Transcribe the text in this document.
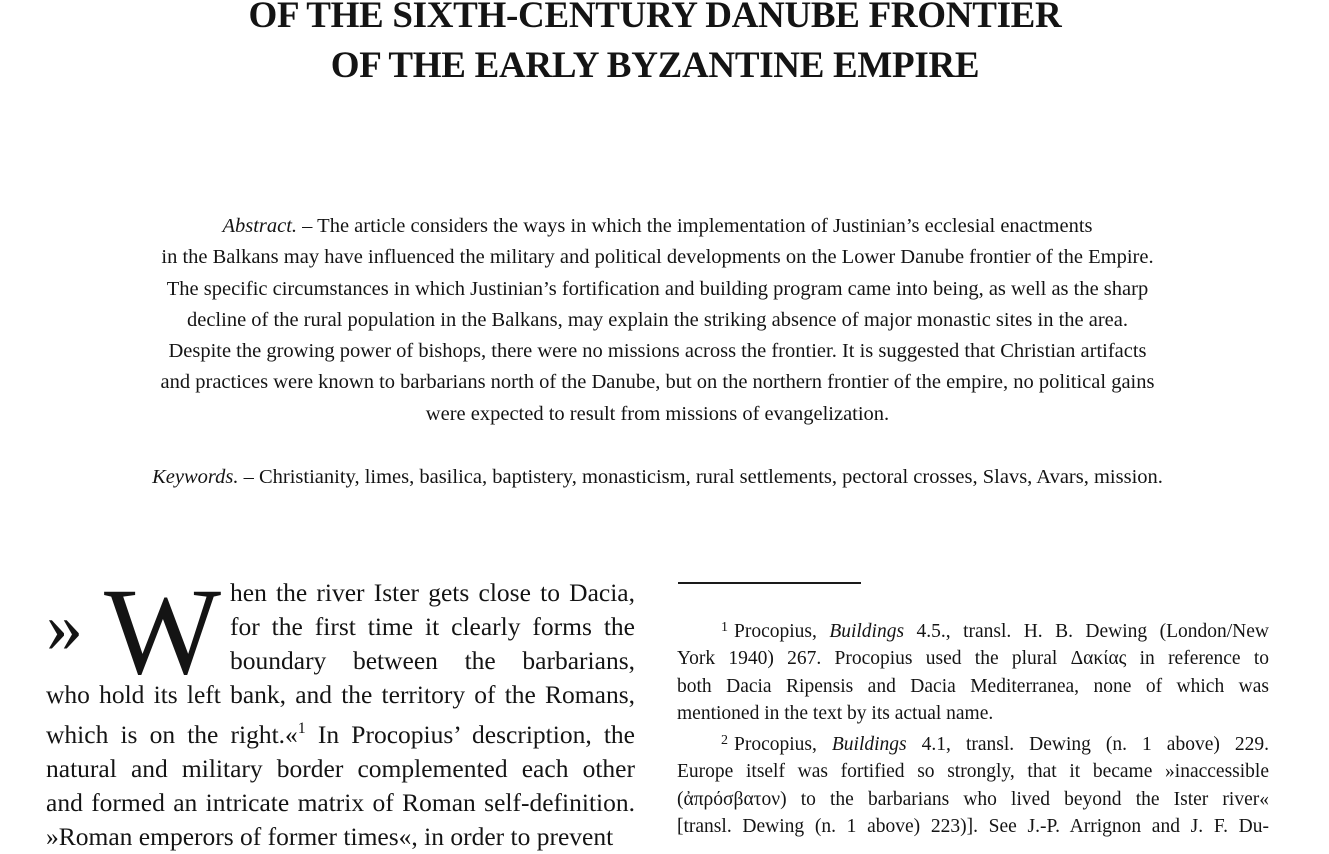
OF THE SIXTH-CENTURY DANUBE FRONTIER
OF THE EARLY BYZANTINE EMPIRE
Abstract. – The article considers the ways in which the implementation of Justinian’s ecclesial enactments
in the Balkans may have influenced the military and political developments on the Lower Danube frontier of the Empire.
The specific circumstances in which Justinian’s fortification and building program came into being, as well as the sharp
decline of the rural population in the Balkans, may explain the striking absence of major monastic sites in the area.
Despite the growing power of bishops, there were no missions across the frontier. It is suggested that Christian artifacts
and practices were known to barbarians north of the Danube, but on the northern frontier of the empire, no political gains
were expected to result from missions of evangelization.
Keywords. – Christianity, limes, basilica, baptistery, monasticism, rural settlements, pectoral crosses, Slavs, Avars, mission.
» W hen the river Ister gets close to Dacia,
for the first time it clearly forms the
boundary between the barbarians,
who hold its left bank, and the territory of the Romans,
which is on the right.«$^1$ In Procopius’ description, the
natural and military border complemented each other
and formed an intricate matrix of Roman self-definition.
»Roman emperors of former times«, in order to prevent
$^1$ Procopius, Buildings 4.5., transl. H. B. Dewing (London/New
York 1940) 267. Procopius used the plural Δακίας in reference to
both Dacia Ripensis and Dacia Mediterranea, none of which was
mentioned in the text by its actual name.
$^2$ Procopius, Buildings 4.1, transl. Dewing (n. 1 above) 229.
Europe itself was fortified so strongly, that it became »inaccessible
(ἀπρόσβατον) to the barbarians who lived beyond the Ister river«
[transl. Dewing (n. 1 above) 223)]. See J.-P. Arrignon and J. F. Du-
